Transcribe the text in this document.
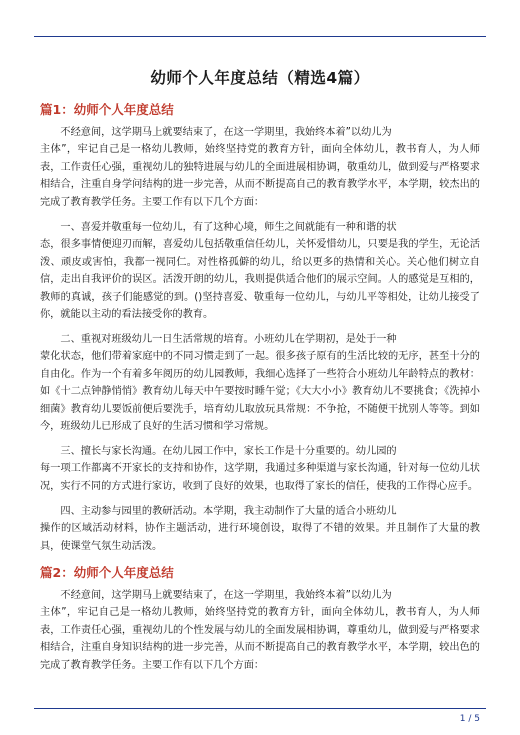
幼师个人年度总结（精选4篇）
篇1：幼师个人年度总结

不经意间，这学期马上就要结束了，在这一学期里，我始终本着”以幼儿为

主体”，牢记自己是一格幼儿教师，始终坚持党的教育方针，面向全体幼儿，教书育人，为人师表，工作责任心强，重视幼儿的独特进展与幼儿的全面进展相协调，敬重幼儿，做到爱与严格要求相结合，注重自身学问结构的进一步完善，从而不断提高自己的教育教学水平，本学期，较杰出的完成了教育教学任务。主要工作有以下几个方面：

一、喜爱并敬重每一位幼儿，有了这种心境，师生之间就能有一种和谐的状

态，很多事情便迎刃而解，喜爱幼儿包括敬重信任幼儿，关怀爱惜幼儿，只要是我的学生，无论活泼、顽皮或害怕，我都一视同仁。对性格孤僻的幼儿，给以更多的热情和关心。关心他们树立自信，走出自我评价的误区。活泼开朗的幼儿，我则提供适合他们的展示空间。人的感觉是互相的，教师的真诚，孩子们能感觉的到。()坚持喜爱、敬重每一位幼儿，与幼儿平等相处，让幼儿接受了你，就能以主动的看法接受你的教育。

二、重视对班级幼儿一日生活常规的培育。小班幼儿在学期初，是处于一种

蒙化状态，他们带着家庭中的不同习惯走到了一起。很多孩子原有的生活比较的无序，甚至十分的自由化。作为一个有着多年阅历的幼儿园教师，我细心选择了一些符合小班幼儿年龄特点的教材：如《十二点钟静悄悄》教育幼儿每天中午要按时睡午觉；《大大小小》教育幼儿不要挑食；《洗掉小细菌》教育幼儿要饭前便后要洗手，培育幼儿取放玩具常规：不争抢，不随便干扰别人等等。到如今，班级幼儿已形成了良好的生活习惯和学习常规。

三、擅长与家长沟通。在幼儿园工作中，家长工作是十分重要的。幼儿园的

每一项工作都离不开家长的支持和协作，这学期，我通过多种渠道与家长沟通，针对每一位幼儿状况，实行不同的方式进行家访，收到了良好的效果，也取得了家长的信任，使我的工作得心应手。

四、主动参与园里的教研活动。本学期，我主动制作了大量的适合小班幼儿

操作的区域活动材料，协作主题活动，进行环境创设，取得了不错的效果。并且制作了大量的教具，使课堂气氛生动活泼。

篇2：幼师个人年度总结

不经意间，这学期马上就要结束了，在这一学期里，我始终本着”以幼儿为

主体”，牢记自己是一格幼儿教师，始终坚持党的教育方针，面向全体幼儿，教书育人，为人师表，工作责任心强，重视幼儿的个性发展与幼儿的全面发展相协调，尊重幼儿，做到爱与严格要求相结合，注重自身知识结构的进一步完善，从而不断提高自己的教育教学水平，本学期，较出色的完成了教育教学任务。主要工作有以下几个方面：

1 / 5
